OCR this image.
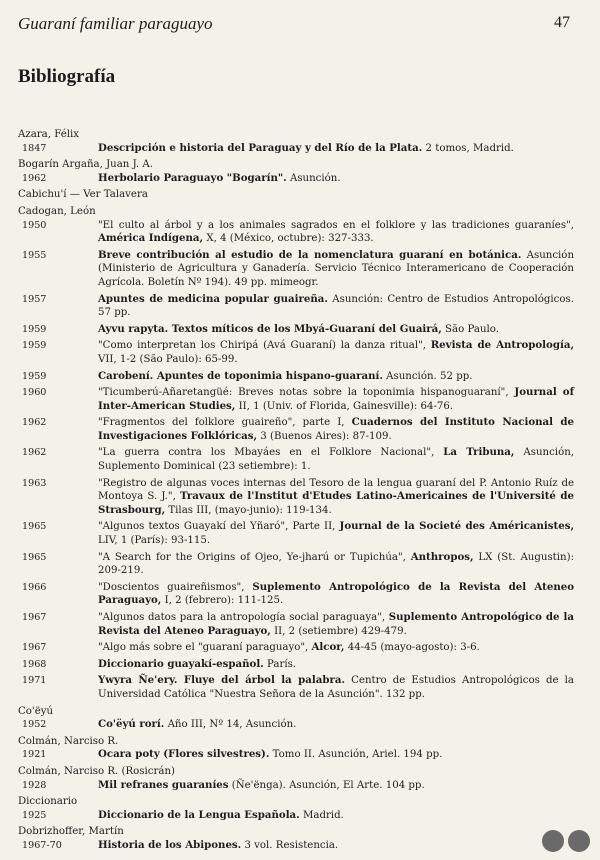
Guaraní familiar paraguayo	47
Bibliografía
Azara, Félix
1847	Descripción e historia del Paraguay y del Río de la Plata. 2 tomos, Madrid.
Bogarín Argaña, Juan J. A.
1962	Herbolario Paraguayo "Bogarín". Asunción.
Cabichu'í — Ver Talavera
Cadogan, León
1950	"El culto al árbol y a los animales sagrados en el folklore y las tradiciones guaraníes", América Indígena, X, 4 (México, octubre): 327-333.
1955	Breve contribución al estudio de la nomenclatura guaraní en botánica. Asunción (Ministerio de Agricultura y Ganadería. Servicio Técnico Interamericano de Cooperación Agrícola. Boletín Nº 194). 49 pp. mimeogr.
1957	Apuntes de medicina popular guaireña. Asunción: Centro de Estudios Antropológicos. 57 pp.
1959	Ayvu rapyta. Textos míticos de los Mbyá-Guaraní del Guairá, São Paulo.
1959	"Como interpretan los Chiripá (Avá Guaraní) la danza ritual", Revista de Antropología, VII, 1-2 (São Paulo): 65-99.
1959	Carobení. Apuntes de toponimia hispano-guaraní. Asunción. 52 pp.
1960	"Ticumberú-Añaretangüé: Breves notas sobre la toponimia hispanoguaraní", Journal of Inter-American Studies, II, 1 (Univ. of Florida, Gainesville): 64-76.
1962	"Fragmentos del folklore guaireño", parte I, Cuadernos del Instituto Nacional de Investigaciones Folklóricas, 3 (Buenos Aires): 87-109.
1962	"La guerra contra los Mbayáes en el Folklore Nacional", La Tribuna, Asunción, Suplemento Dominical (23 setiembre): 1.
1963	"Registro de algunas voces internas del Tesoro de la lengua guaraní del P. Antonio Ruíz de Montoya S. J.", Travaux de l'Institut d'Etudes Latino-Americaines de l'Université de Strasbourg, Tilas III, (mayo-junio): 119-134.
1965	"Algunos textos Guayakí del Yñaró", Parte II, Journal de la Societé des Américanistes, LIV, 1 (París): 93-115.
1965	"A Search for the Origins of Ojeo, Ye-jharú or Tupichúa", Anthropos, LX (St. Augustin): 209-219.
1966	"Doscientos guaireñismos", Suplemento Antropológico de la Revista del Ateneo Paraguayo, I, 2 (febrero): 111-125.
1967	"Algunos datos para la antropología social paraguaya", Suplemento Antropológico de la Revista del Ateneo Paraguayo, II, 2 (setiembre) 429-479.
1967	"Algo más sobre el "guaraní paraguayo", Alcor, 44-45 (mayo-agosto): 3-6.
1968	Diccionario guayakí-español. París.
1971	Ywyra Ñe'ery. Fluye del árbol la palabra. Centro de Estudios Antropológicos de la Universidad Católica "Nuestra Señora de la Asunción". 132 pp.
Co'ëyú
1952	Co'ëyú rorí. Año III, Nº 14, Asunción.
Colmán, Narciso R.
1921	Ocara poty (Flores silvestres). Tomo II. Asunción, Ariel. 194 pp.
Colmán, Narciso R. (Rosicrán)
1928	Mil refranes guaraníes (Ñe'ënga). Asunción, El Arte. 104 pp.
Diccionario
1925	Diccionario de la Lengua Española. Madrid.
Dobrizhoffer, Martín
1967-70	Historia de los Abipones. 3 vol. Resistencia.
